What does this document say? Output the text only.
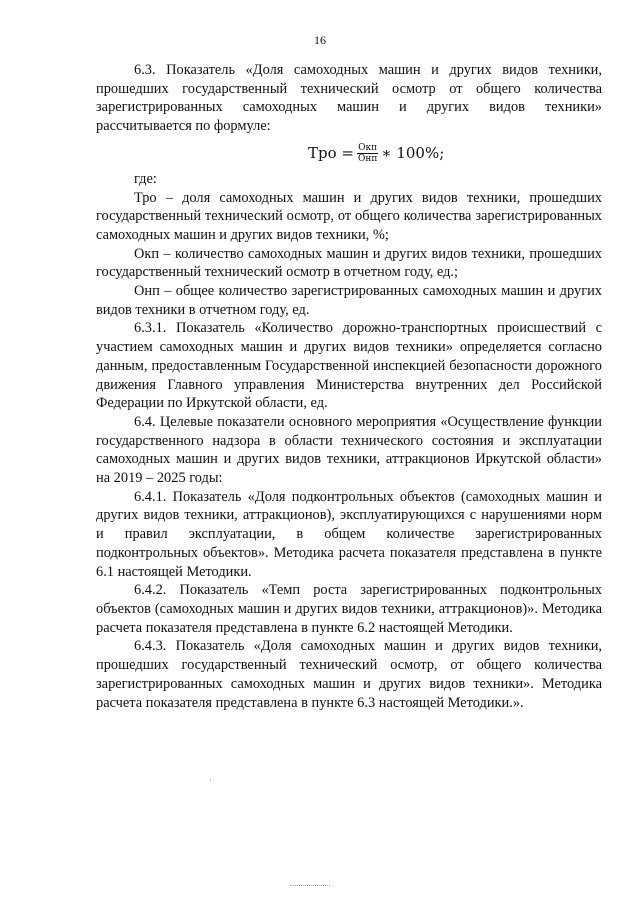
16

6.3. Показатель «Доля самоходных машин и других видов техники, прошедших государственный технический осмотр от общего количества зарегистрированных самоходных машин и других видов техники» рассчитывается по формуле:

Тро = $\frac{\text{Окп}}{\text{Онп}}$ ∗ 100%;

где:

Тро – доля самоходных машин и других видов техники, прошедших государственный технический осмотр, от общего количества зарегистрированных самоходных машин и других видов техники, %;

Окп – количество самоходных машин и других видов техники, прошедших государственный технический осмотр в отчетном году, ед.;

Онп – общее количество зарегистрированных самоходных машин и других видов техники в отчетном году, ед.

6.3.1. Показатель «Количество дорожно-транспортных происшествий с участием самоходных машин и других видов техники» определяется согласно данным, предоставленным Государственной инспекцией безопасности дорожного движения Главного управления Министерства внутренних дел Российской Федерации по Иркутской области, ед.

6.4. Целевые показатели основного мероприятия «Осуществление функции государственного надзора в области технического состояния и эксплуатации самоходных машин и других видов техники, аттракционов Иркутской области» на 2019 – 2025 годы:

6.4.1. Показатель «Доля подконтрольных объектов (самоходных машин и других видов техники, аттракционов), эксплуатирующихся с нарушениями норм и правил эксплуатации, в общем количестве зарегистрированных подконтрольных объектов». Методика расчета показателя представлена в пункте 6.1 настоящей Методики.

6.4.2. Показатель «Темп роста зарегистрированных подконтрольных объектов (самоходных машин и других видов техники, аттракционов)». Методика расчета показателя представлена в пункте 6.2 настоящей Методики.

6.4.3. Показатель «Доля самоходных машин и других видов техники, прошедших государственный технический осмотр, от общего количества зарегистрированных самоходных машин и других видов техники». Методика расчета показателя представлена в пункте 6.3 настоящей Методики.».
